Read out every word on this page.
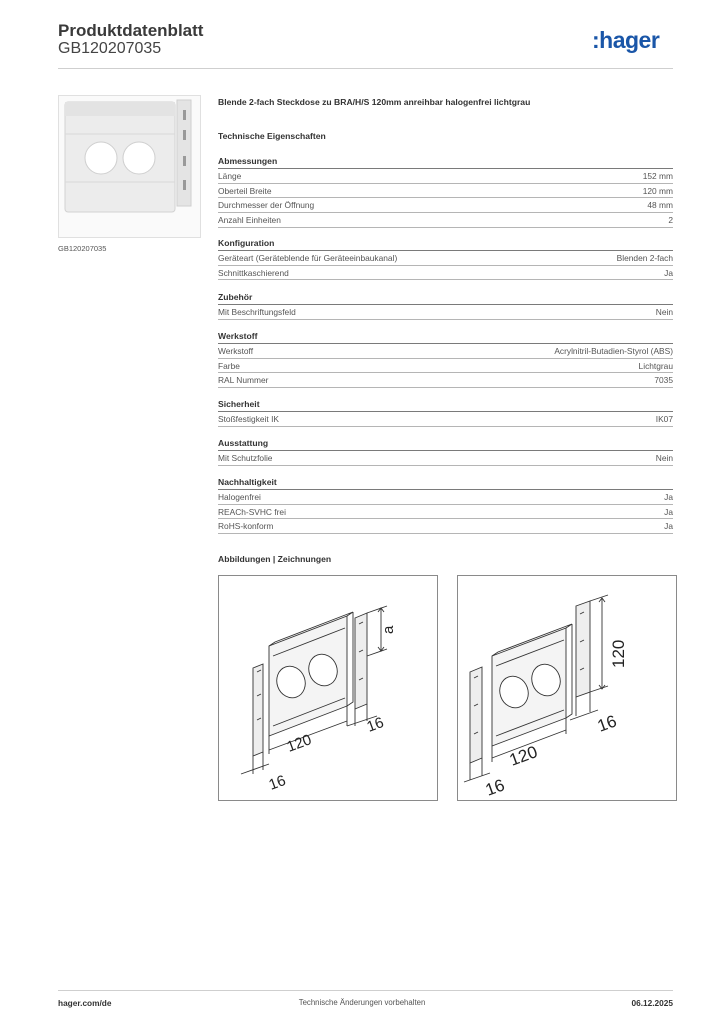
Produktdatenblatt
GB120207035	:hager
GB120207035
Blende 2-fach Steckdose zu BRA/H/S 120mm anreihbar halogenfrei lichtgrau
Technische Eigenschaften
Abmessungen
Länge	152 mm
Oberteil Breite	120 mm
Durchmesser der Öffnung	48 mm
Anzahl Einheiten	2
Konfiguration
Geräteart (Geräteblende für Geräteeinbaukanal)	Blenden 2-fach
Schnittkaschierend	Ja
Zubehör
Mit Beschriftungsfeld	Nein
Werkstoff
Werkstoff	Acrylnitril-Butadien-Styrol (ABS)
Farbe	Lichtgrau
RAL Nummer	7035
Sicherheit
Stoßfestigkeit IK	IK07
Ausstattung
Mit Schutzfolie	Nein
Nachhaltigkeit
Halogenfrei	Ja
REACh-SVHC frei	Ja
RoHS-konform	Ja
Abbildungen | Zeichnungen
120
16
16
a
120
16
16
120
hager.com/de	Technische Änderungen vorbehalten	06.12.2025
